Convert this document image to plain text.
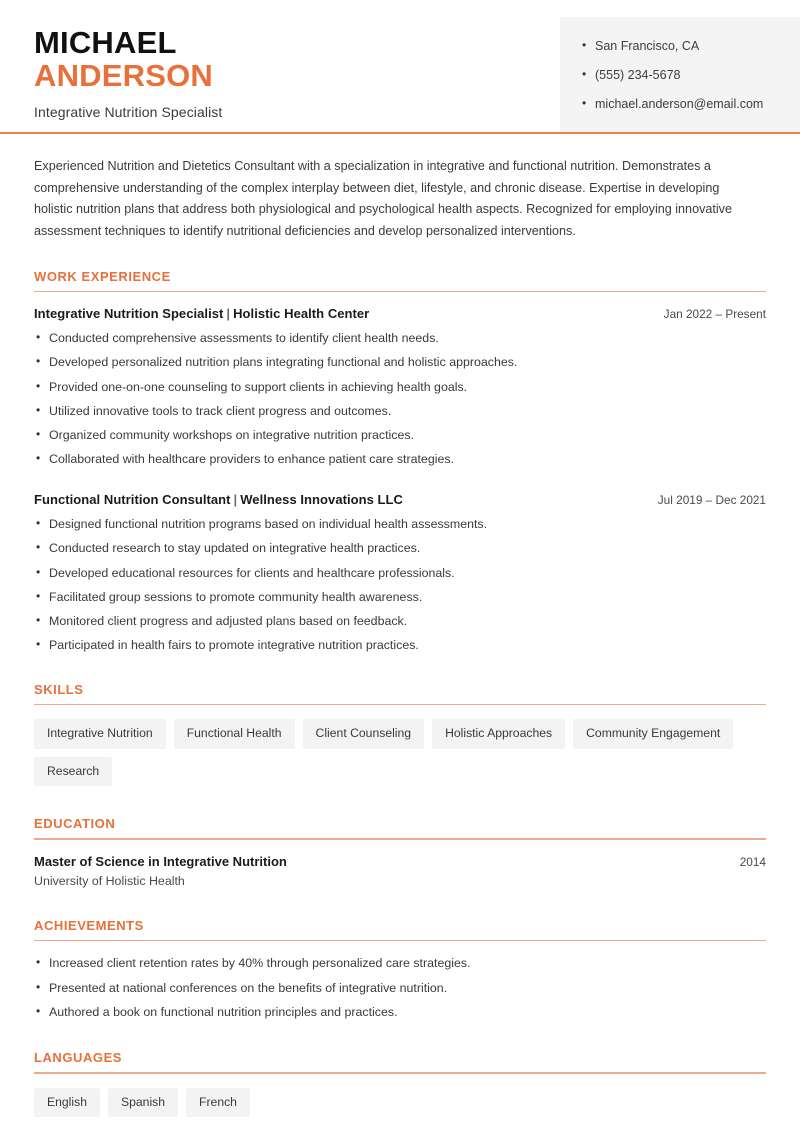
MICHAEL
ANDERSON
Integrative Nutrition Specialist
• San Francisco, CA
• (555) 234-5678
• michael.anderson@email.com

Experienced Nutrition and Dietetics Consultant with a specialization in integrative and functional nutrition. Demonstrates a comprehensive understanding of the complex interplay between diet, lifestyle, and chronic disease. Expertise in developing holistic nutrition plans that address both physiological and psychological health aspects. Recognized for employing innovative assessment techniques to identify nutritional deficiencies and develop personalized interventions.

WORK EXPERIENCE
Integrative Nutrition Specialist | Holistic Health Center	Jan 2022 – Present
• Conducted comprehensive assessments to identify client health needs.
• Developed personalized nutrition plans integrating functional and holistic approaches.
• Provided one-on-one counseling to support clients in achieving health goals.
• Utilized innovative tools to track client progress and outcomes.
• Organized community workshops on integrative nutrition practices.
• Collaborated with healthcare providers to enhance patient care strategies.
Functional Nutrition Consultant | Wellness Innovations LLC	Jul 2019 – Dec 2021
• Designed functional nutrition programs based on individual health assessments.
• Conducted research to stay updated on integrative health practices.
• Developed educational resources for clients and healthcare professionals.
• Facilitated group sessions to promote community health awareness.
• Monitored client progress and adjusted plans based on feedback.
• Participated in health fairs to promote integrative nutrition practices.
SKILLS
Integrative Nutrition	Functional Health	Client Counseling	Holistic Approaches	Community Engagement
Research
EDUCATION
Master of Science in Integrative Nutrition	2014
University of Holistic Health
ACHIEVEMENTS
• Increased client retention rates by 40% through personalized care strategies.
• Presented at national conferences on the benefits of integrative nutrition.
• Authored a book on functional nutrition principles and practices.
LANGUAGES
English	Spanish	French
